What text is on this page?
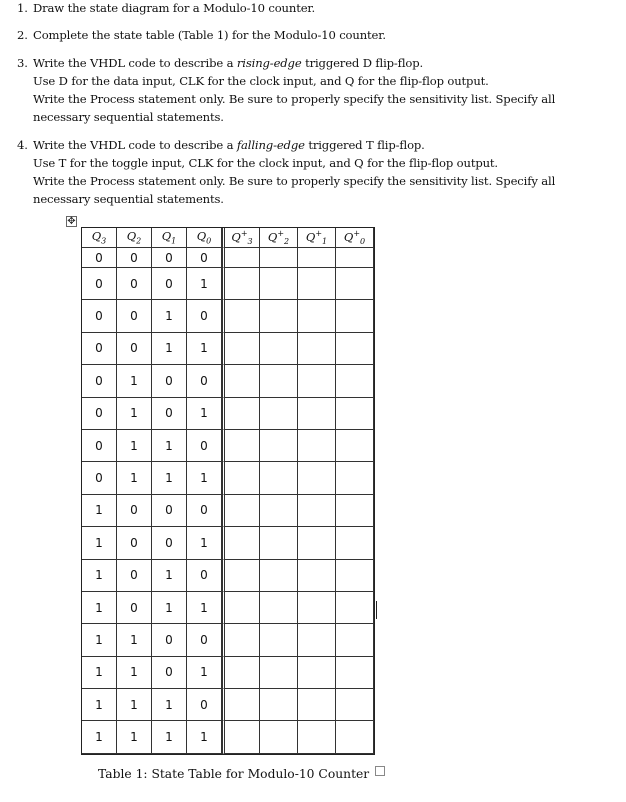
1. Draw the state diagram for a Modulo-10 counter.
2. Complete the state table (Table 1) for the Modulo-10 counter.
3. Write the VHDL code to describe a rising-edge triggered D flip-flop.
Use D for the data input, CLK for the clock input, and Q for the flip-flop output.
Write the Process statement only. Be sure to properly specify the sensitivity list. Specify all necessary sequential statements.
4. Write the VHDL code to describe a falling-edge triggered T flip-flop.
Use T for the toggle input, CLK for the clock input, and Q for the flip-flop output.
Write the Process statement only. Be sure to properly specify the sensitivity list. Specify all necessary sequential statements.
✥
$Q_3$	$Q_2$	$Q_1$	$Q_0$	$Q^+_3$	$Q^+_2$	$Q^+_1$	$Q^+_0$
0	0	0	0				
0	0	0	1				
0	0	1	0				
0	0	1	1				
0	1	0	0				
0	1	0	1				
0	1	1	0				
0	1	1	1				
1	0	0	0				
1	0	0	1				
1	0	1	0				
1	0	1	1				
1	1	0	0				
1	1	0	1				
1	1	1	0				
1	1	1	1				
Table 1: State Table for Modulo-10 Counter
